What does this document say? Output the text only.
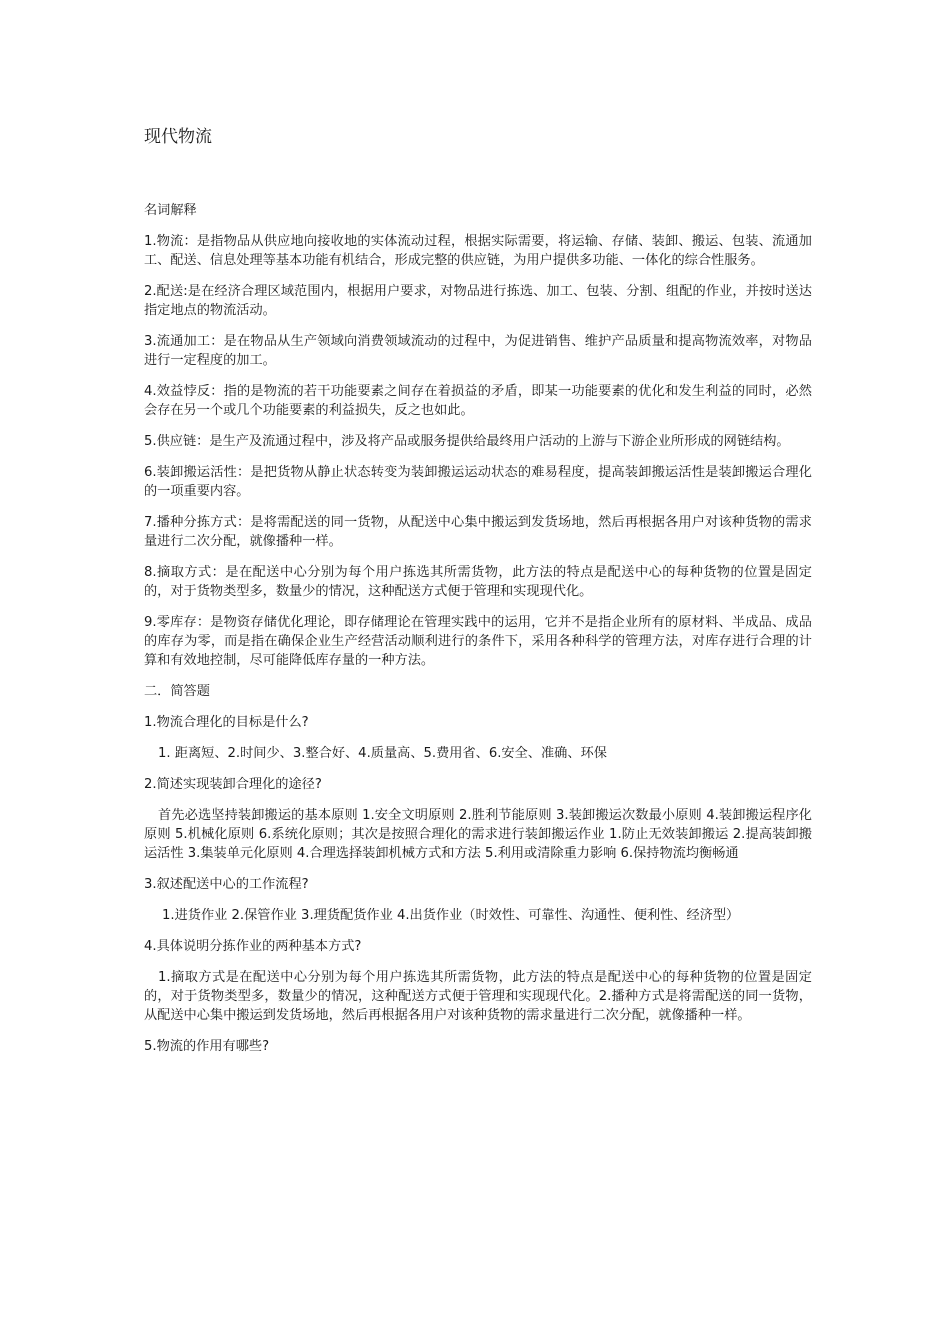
现代物流

名词解释

1.物流：是指物品从供应地向接收地的实体流动过程，根据实际需要，将运输、存储、装卸、搬运、包装、流通加工、配送、信息处理等基本功能有机结合，形成完整的供应链，为用户提供多功能、一体化的综合性服务。

2.配送:是在经济合理区域范围内，根据用户要求，对物品进行拣选、加工、包装、分割、组配的作业，并按时送达指定地点的物流活动。

3.流通加工：是在物品从生产领域向消费领域流动的过程中，为促进销售、维护产品质量和提高物流效率，对物品进行一定程度的加工。

4.效益悖反：指的是物流的若干功能要素之间存在着损益的矛盾，即某一功能要素的优化和发生利益的同时，必然会存在另一个或几个功能要素的利益损失，反之也如此。

5.供应链：是生产及流通过程中，涉及将产品或服务提供给最终用户活动的上游与下游企业所形成的网链结构。

6.装卸搬运活性：是把货物从静止状态转变为装卸搬运运动状态的难易程度，提高装卸搬运活性是装卸搬运合理化的一项重要内容。

7.播种分拣方式：是将需配送的同一货物，从配送中心集中搬运到发货场地，然后再根据各用户对该种货物的需求量进行二次分配，就像播种一样。

8.摘取方式：是在配送中心分别为每个用户拣选其所需货物，此方法的特点是配送中心的每种货物的位置是固定的，对于货物类型多，数量少的情况，这种配送方式便于管理和实现现代化。

9.零库存：是物资存储优化理论，即存储理论在管理实践中的运用，它并不是指企业所有的原材料、半成品、成品的库存为零，而是指在确保企业生产经营活动顺利进行的条件下，采用各种科学的管理方法，对库存进行合理的计算和有效地控制，尽可能降低库存量的一种方法。

二．简答题

1.物流合理化的目标是什么?

1. 距离短、2.时间少、3.整合好、4.质量高、5.费用省、6.安全、准确、环保

2.简述实现装卸合理化的途径?

首先必选坚持装卸搬运的基本原则 1.安全文明原则 2.胜利节能原则 3.装卸搬运次数最小原则 4.装卸搬运程序化原则 5.机械化原则 6.系统化原则；其次是按照合理化的需求进行装卸搬运作业 1.防止无效装卸搬运 2.提高装卸搬运活性 3.集装单元化原则 4.合理选择装卸机械方式和方法 5.利用或清除重力影响 6.保持物流均衡畅通

3.叙述配送中心的工作流程?

1.进货作业 2.保管作业 3.理货配货作业 4.出货作业（时效性、可靠性、沟通性、便利性、经济型）

4.具体说明分拣作业的两种基本方式?

1.摘取方式是在配送中心分别为每个用户拣选其所需货物，此方法的特点是配送中心的每种货物的位置是固定的，对于货物类型多，数量少的情况，这种配送方式便于管理和实现现代化。2.播种方式是将需配送的同一货物，从配送中心集中搬运到发货场地，然后再根据各用户对该种货物的需求量进行二次分配，就像播种一样。

5.物流的作用有哪些?
